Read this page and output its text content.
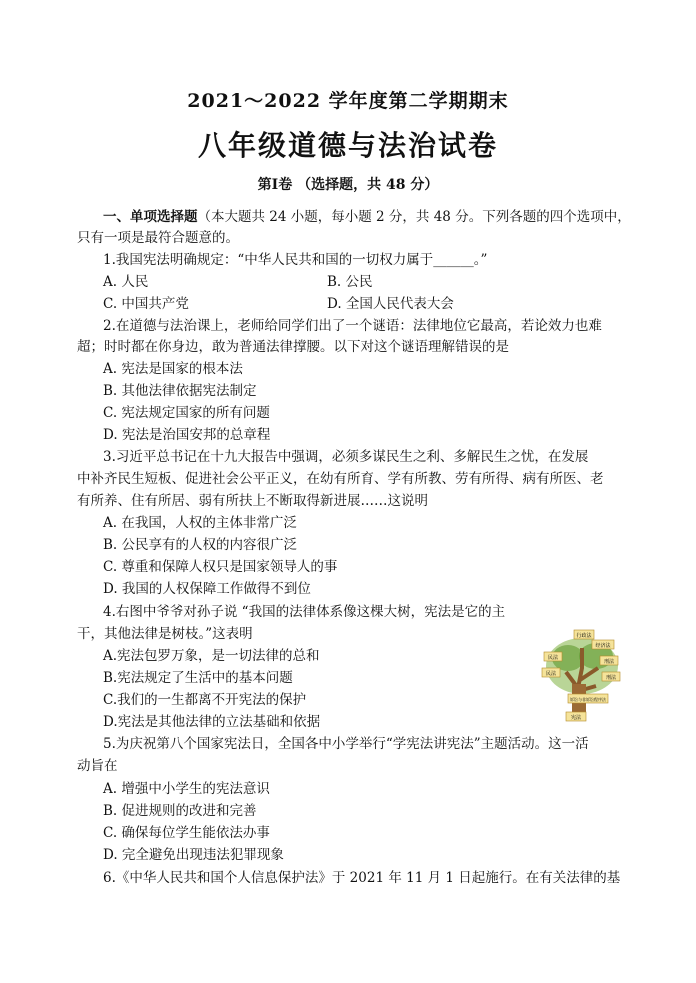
2021～2022 学年度第二学期期末
八年级道德与法治试卷
第Ⅰ卷 （选择题，共 48 分）
一、单项选择题（本大题共 24 小题，每小题 2 分，共 48 分。下列各题的四个选项中，
只有一项是最符合题意的。
1.我国宪法明确规定：“中华人民共和国的一切权力属于______。”
A. 人民	B. 公民
C. 中国共产党	D. 全国人民代表大会
2.在道德与法治课上，老师给同学们出了一个谜语：法律地位它最高，若论效力也难
超；时时都在你身边，敢为普通法律撑腰。以下对这个谜语理解错误的是
A. 宪法是国家的根本法
B. 其他法律依据宪法制定
C. 宪法规定国家的所有问题
D. 宪法是治国安邦的总章程
3.习近平总书记在十九大报告中强调，必须多谋民生之利、多解民生之忧，在发展
中补齐民生短板、促进社会公平正义，在幼有所育、学有所教、劳有所得、病有所医、老
有所养、住有所居、弱有所扶上不断取得新进展……这说明
A. 在我国，人权的主体非常广泛
B. 公民享有的人权的内容很广泛
C. 尊重和保障人权只是国家领导人的事
D. 我国的人权保障工作做得不到位
4.右图中爷爷对孙子说 “我国的法律体系像这棵大树，宪法是它的主
干，其他法律是树枝。”这表明
A.宪法包罗万象，是一切法律的总和
B.宪法规定了生活中的基本问题
C.我们的一生都离不开宪法的保护
D.宪法是其他法律的立法基础和依据
行政法
经济法
民法
刑法
民法
刑法
诉讼与非诉讼程序法
宪法
5.为庆祝第八个国家宪法日，全国各中小学举行“学宪法讲宪法”主题活动。这一活
动旨在
A. 增强中小学生的宪法意识
B. 促进规则的改进和完善
C. 确保每位学生能依法办事
D. 完全避免出现违法犯罪现象
6.《中华人民共和国个人信息保护法》于 2021 年 11 月 1 日起施行。在有关法律的基
